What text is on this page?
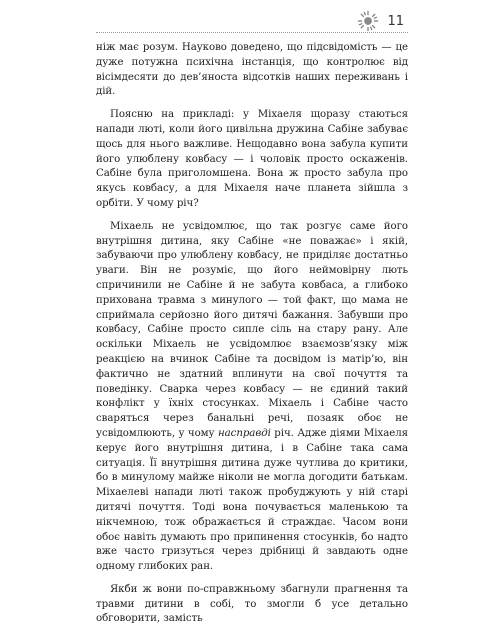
11

ніж має розум. Науково доведено, що підсвідомість — це дуже потужна психічна інстанція, що контролює від вісімдесяти до дев’яноста відсотків наших переживань і дій.

Поясню на прикладі: у Міхаеля щоразу стаються напади люті, коли його цивільна дружина Сабіне забуває щось для нього важливе. Нещодавно вона забула купити його улюблену ковбасу — і чоловік просто оскаженів. Сабіне була приголомшена. Вона ж просто забула про якусь ковбасу, а для Міхаеля наче планета зійшла з орбіти. У чому річ?

Міхаель не усвідомлює, що так розгує саме його внутрішня дитина, яку Сабіне «не поважає» і якій, забуваючи про улюблену ковбасу, не приділяє достатньо уваги. Він не розуміє, що його неймовірну лють спричинили не Сабіне й не забута ковбаса, а глибоко прихована травма з минулого — той факт, що мама не сприймала серйозно його дитячі бажання. Забувши про ковбасу, Сабіне просто сипле сіль на стару рану. Але оскільки Міхаель не усвідомлює взаємозв’язку між реакцією на вчинок Сабіне та досвідом із матір’ю, він фактично не здатний вплинути на свої почуття та поведінку. Сварка через ковбасу — не єдиний такий конфлікт у їхніх стосунках. Міхаель і Сабіне часто сваряться через банальні речі, позаяк обоє не усвідомлюють, у чому насправді річ. Адже діями Міхаеля керує його внутрішня дитина, і в Сабіне така сама ситуація. Її внутрішня дитина дуже чутлива до критики, бо в минулому майже ніколи не могла догодити батькам. Міхаелеві напади люті також пробуджують у ній старі дитячі почуття. Тоді вона почувається маленькою та нікчемною, тож ображається й страждає. Часом вони обоє навіть думають про припинення стосунків, бо надто вже часто гризуться через дрібниці й завдають одне одному глибоких ран.

Якби ж вони по-справжньому збагнули прагнення та травми дитини в собі, то змогли б усе детально обговорити, замість
